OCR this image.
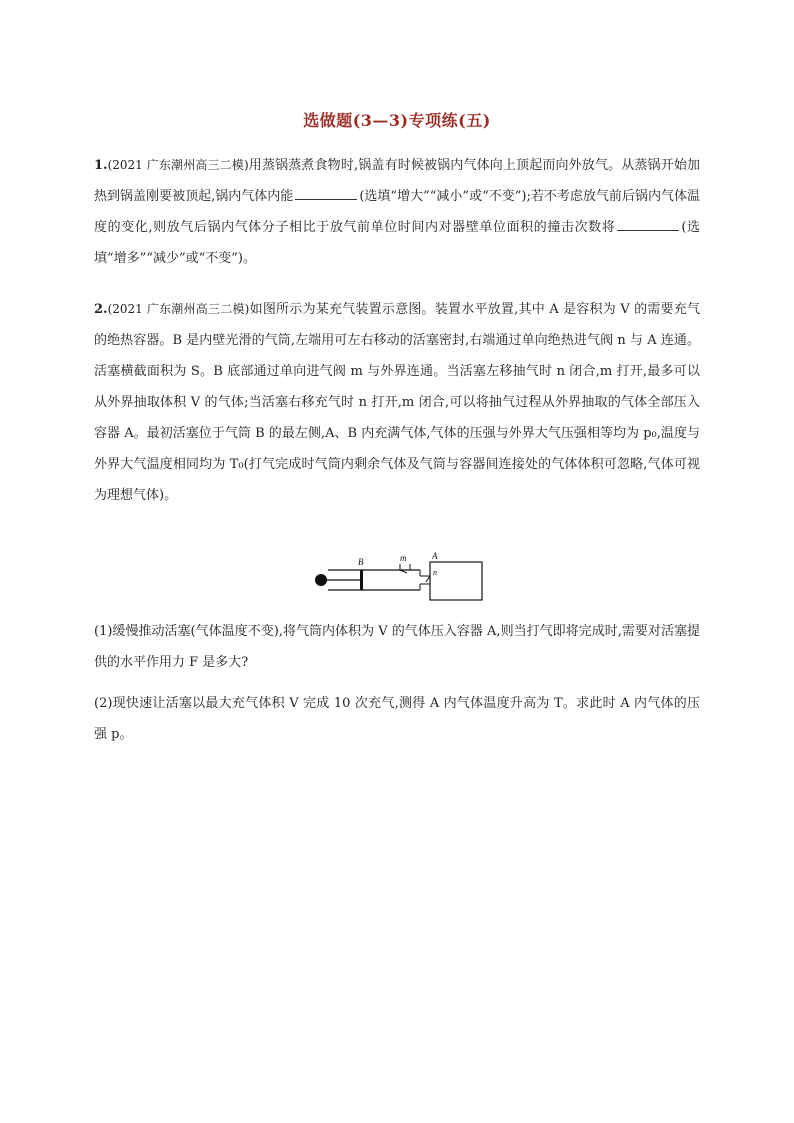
选做题(3—3)专项练(五)
1.(2021 广东潮州高三二模)用蒸锅蒸煮食物时,锅盖有时候被锅内气体向上顶起而向外放气。从蒸锅开始加热到锅盖刚要被顶起,锅内气体内能	(选填“增大”“减小”或“不变”);若不考虑放气前后锅内气体温度的变化,则放气后锅内气体分子相比于放气前单位时间内对器壁单位面积的撞击次数将	(选填“增多”“减少”或“不变”)。
2.(2021 广东潮州高三二模)如图所示为某充气装置示意图。装置水平放置,其中 A 是容积为 V 的需要充气的绝热容器。B 是内壁光滑的气筒,左端用可左右移动的活塞密封,右端通过单向绝热进气阀 n 与 A 连通。活塞横截面积为 S。B 底部通过单向进气阀 m 与外界连通。当活塞左移抽气时 n 闭合,m 打开,最多可以从外界抽取体积 V 的气体;当活塞右移充气时 n 打开,m 闭合,可以将抽气过程从外界抽取的气体全部压入容器 A。最初活塞位于气筒 B 的最左侧,A、B 内充满气体,气体的压强与外界大气压强相等均为 p₀,温度与外界大气温度相同均为 T₀(打气完成时气筒内剩余气体及气筒与容器间连接处的气体体积可忽略,气体可视为理想气体)。
B	m	A
n
(1)缓慢推动活塞(气体温度不变),将气筒内体积为 V 的气体压入容器 A,则当打气即将完成时,需要对活塞提供的水平作用力 F 是多大?
(2)现快速让活塞以最大充气体积 V 完成 10 次充气,测得 A 内气体温度升高为 T。求此时 A 内气体的压强 p。
